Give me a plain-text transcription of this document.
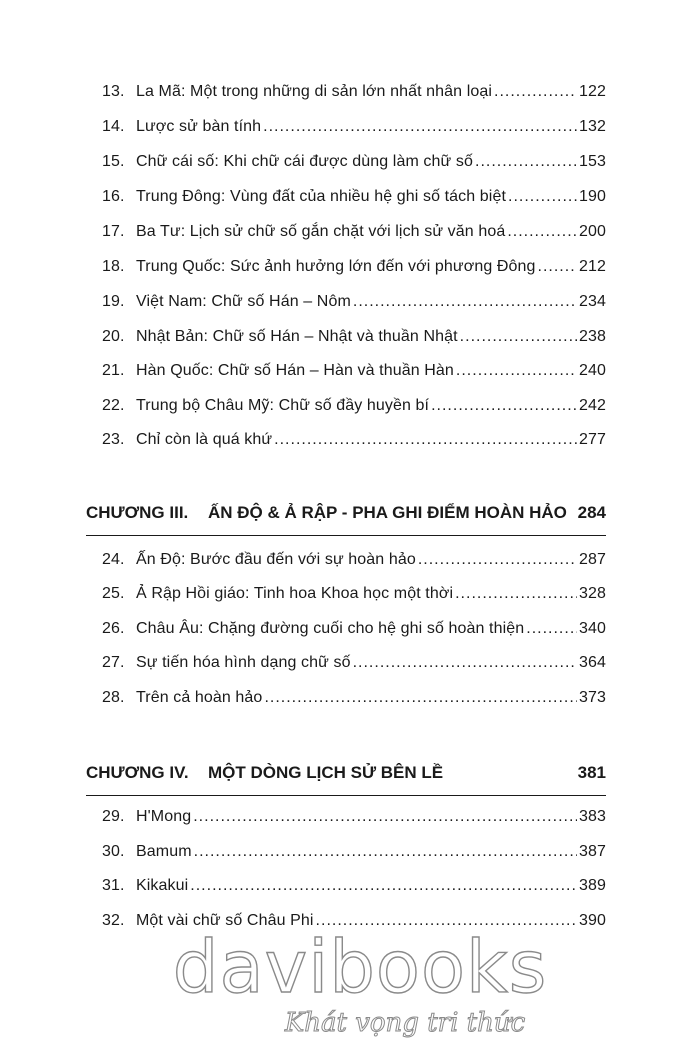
13. La Mã: Một trong những di sản lớn nhất nhân loại .....	122
14. Lược sử bàn tính .....	132
15. Chữ cái số: Khi chữ cái được dùng làm chữ số .....	153
16. Trung Đông: Vùng đất của nhiều hệ ghi số tách biệt .....	190
17. Ba Tư: Lịch sử chữ số gắn chặt với lịch sử văn hoá .....	200
18. Trung Quốc: Sức ảnh hưởng lớn đến với phương Đông .....	212
19. Việt Nam: Chữ số Hán – Nôm .....	234
20. Nhật Bản: Chữ số Hán – Nhật và thuần Nhật .....	238
21. Hàn Quốc: Chữ số Hán – Hàn và thuần Hàn .....	240
22. Trung bộ Châu Mỹ: Chữ số đầy huyền bí .....	242
23. Chỉ còn là quá khứ .....	277
CHƯƠNG III.	ẤN ĐỘ & Ả RẬP - PHA GHI ĐIỂM HOÀN HẢO 284
24. Ấn Độ: Bước đầu đến với sự hoàn hảo .....	287
25. Ả Rập Hồi giáo: Tinh hoa Khoa học một thời .....	328
26. Châu Âu: Chặng đường cuối cho hệ ghi số hoàn thiện .....	340
27. Sự tiến hóa hình dạng chữ số .....	364
28. Trên cả hoàn hảo .....	373
CHƯƠNG IV.	MỘT DÒNG LỊCH SỬ BÊN LỀ	381
29. H'Mong .....	383
30. Bamum .....	387
31. Kikakui .....	389
32. Một vài chữ số Châu Phi .....	390
davibooks
Khát vọng tri thức
